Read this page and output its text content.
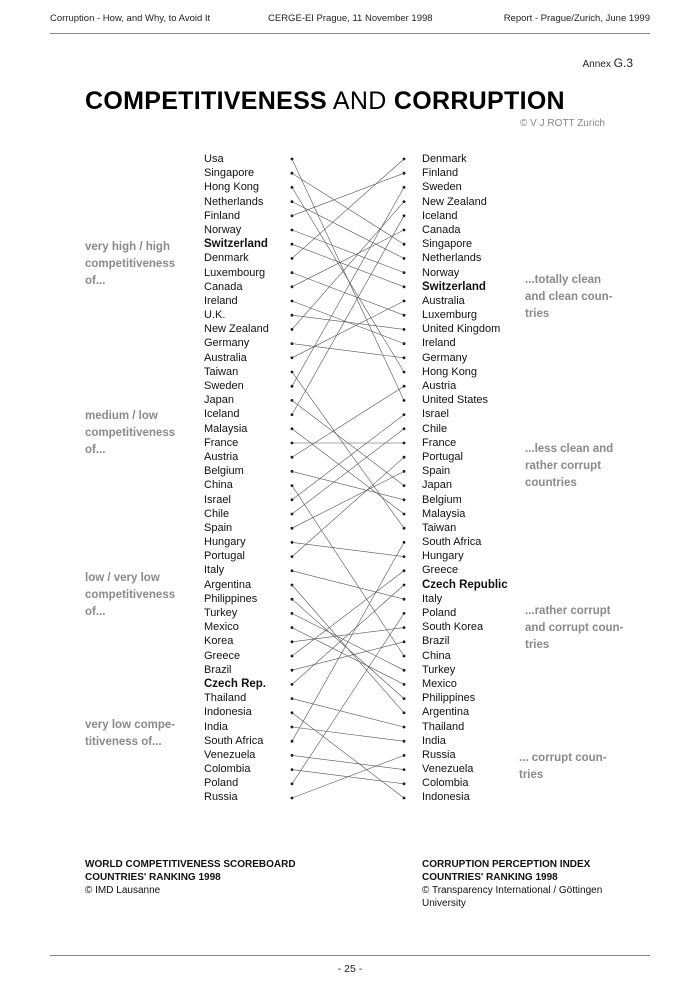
Corruption - How, and Why, to Avoid It	CERGE-EI Prague, 11 November 1998	Report - Prague/Zurich, June 1999
Annex G.3
COMPETITIVENESS AND CORRUPTION
© V J ROTT Zurich
very high / high
competitiveness
of...
medium / low
competitiveness
of...
low / very low
competitiveness
of...
very low compe-
titiveness of...
...totally clean
and clean coun-
tries
...less clean and
rather corrupt
countries
...rather corrupt
and corrupt coun-
tries
... corrupt coun-
tries
Usa
Singapore
Hong Kong
Netherlands
Finland
Norway
Switzerland
Denmark
Luxembourg
Canada
Ireland
U.K.
New Zealand
Germany
Australia
Taiwan
Sweden
Japan
Iceland
Malaysia
France
Austria
Belgium
China
Israel
Chile
Spain
Hungary
Portugal
Italy
Argentina
Philippines
Turkey
Mexico
Korea
Greece
Brazil
Czech Rep.
Thailand
Indonesia
India
South Africa
Venezuela
Colombia
Poland
Russia
Denmark
Finland
Sweden
New Zealand
Iceland
Canada
Singapore
Netherlands
Norway
Switzerland
Australia
Luxemburg
United Kingdom
Ireland
Germany
Hong Kong
Austria
United States
Israel
Chile
France
Portugal
Spain
Japan
Belgium
Malaysia
Taiwan
South Africa
Hungary
Greece
Czech Republic
Italy
Poland
South Korea
Brazil
China
Turkey
Mexico
Philippines
Argentina
Thailand
India
Russia
Venezuela
Colombia
Indonesia
WORLD COMPETITIVENESS SCOREBOARD
COUNTRIES' RANKING 1998
© IMD Lausanne
CORRUPTION PERCEPTION INDEX
COUNTRIES' RANKING 1998
© Transparency International / Göttingen
University
- 25 -
